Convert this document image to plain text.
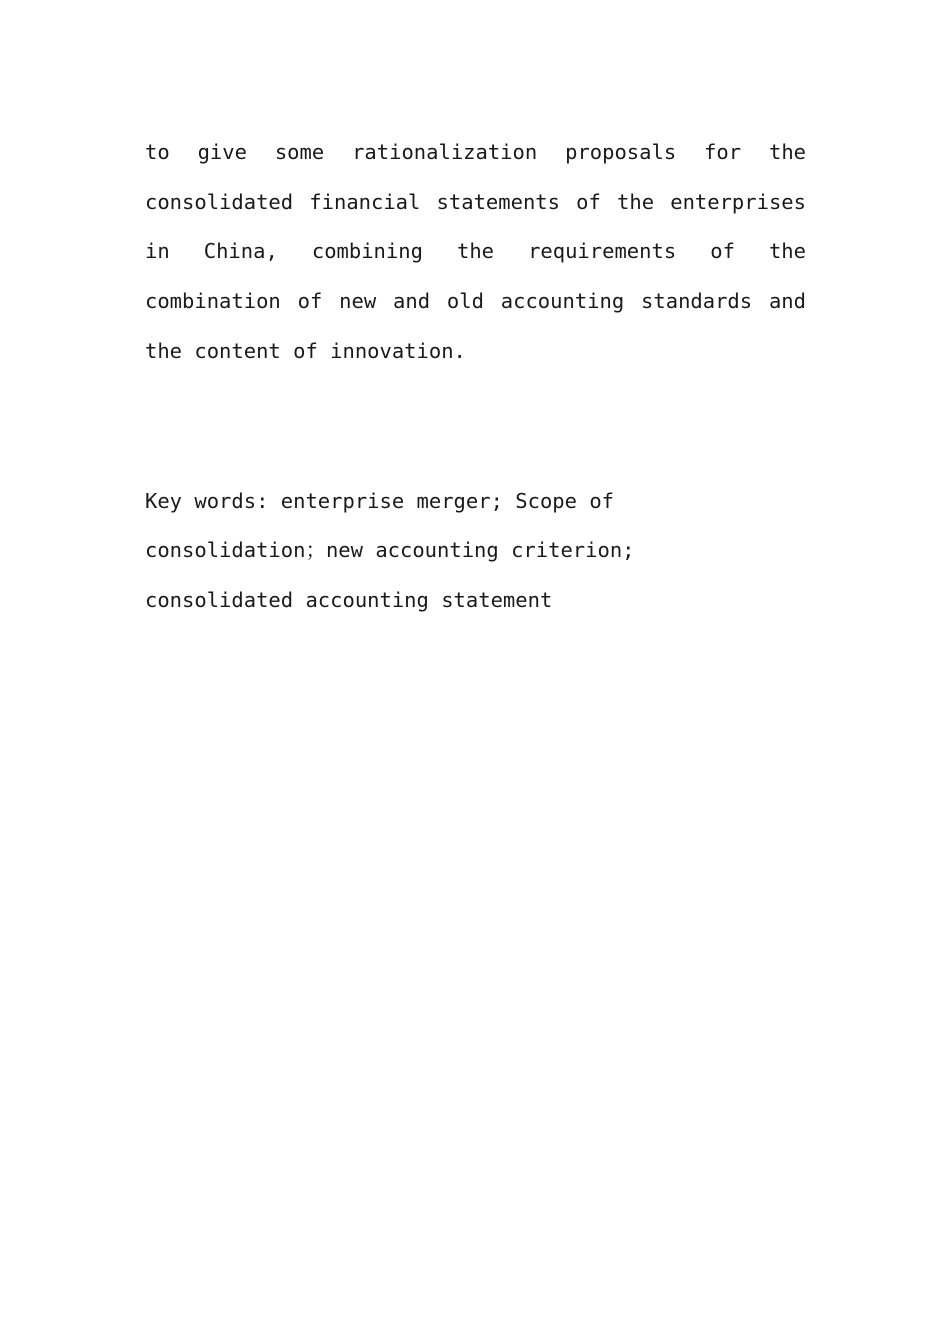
to give some rationalization proposals for the consolidated financial statements of the enterprises in China, combining the requirements of the combination of new and old accounting standards and the content of innovation.

Key words: enterprise merger; Scope of
consolidation；new accounting criterion;
consolidated accounting statement
